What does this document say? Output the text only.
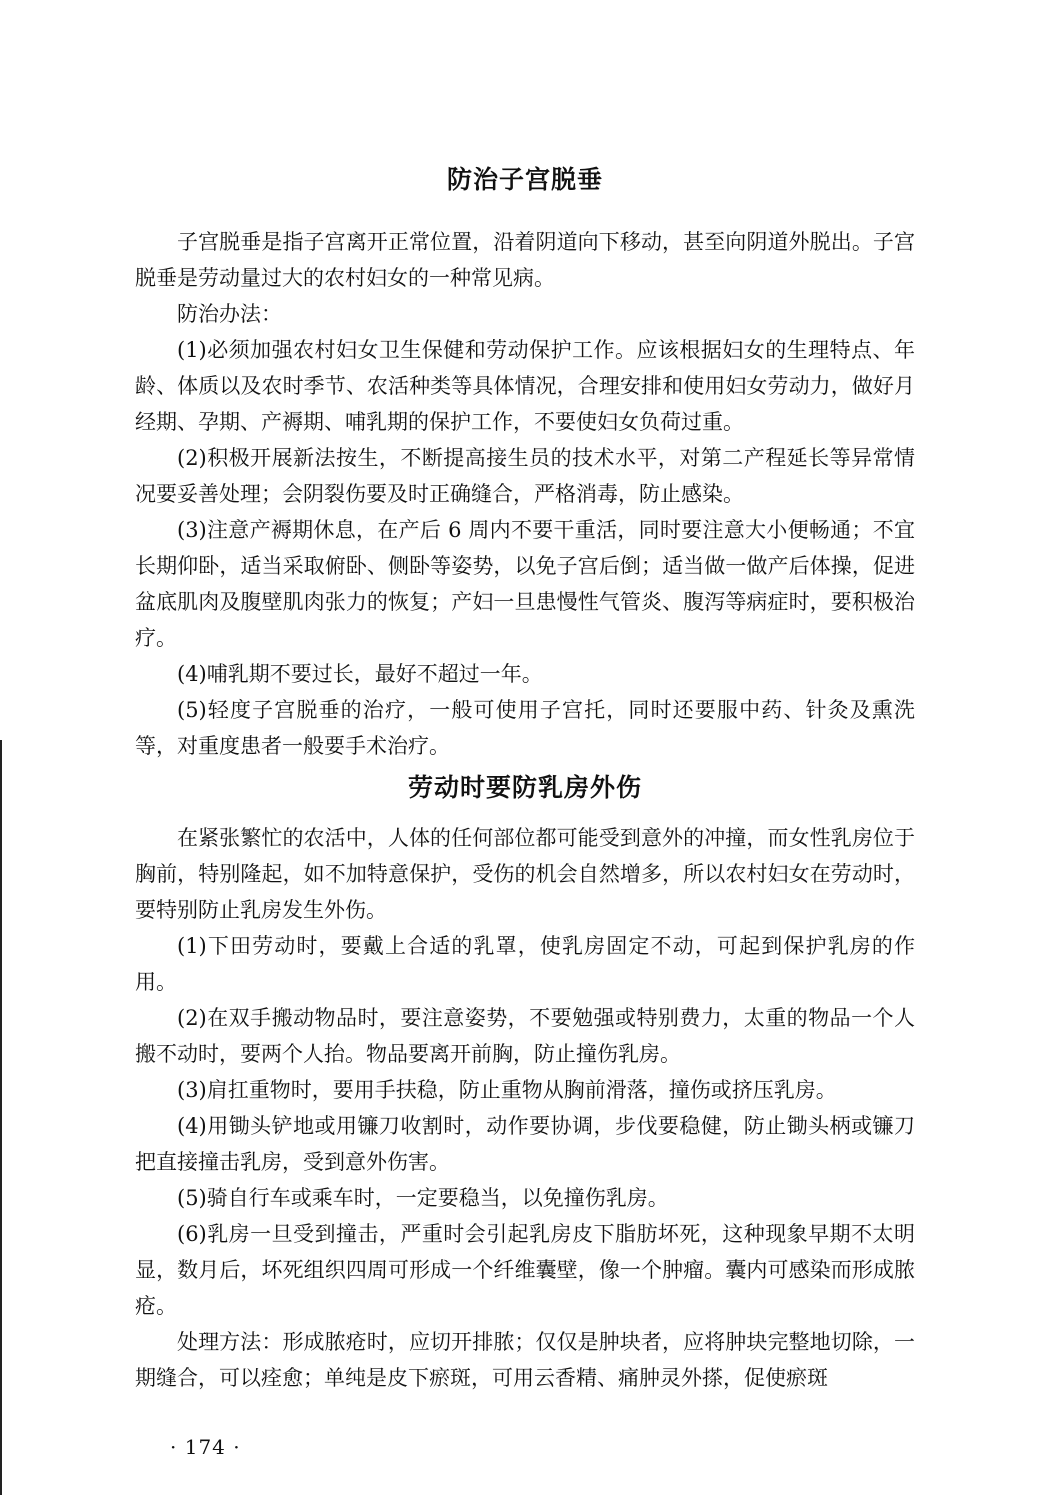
防治子宫脱垂

子宫脱垂是指子宫离开正常位置，沿着阴道向下移动，甚至向阴道外脱出。子宫脱垂是劳动量过大的农村妇女的一种常见病。

防治办法：

(1)必须加强农村妇女卫生保健和劳动保护工作。应该根据妇女的生理特点、年龄、体质以及农时季节、农活种类等具体情况，合理安排和使用妇女劳动力，做好月经期、孕期、产褥期、哺乳期的保护工作，不要使妇女负荷过重。

(2)积极开展新法按生，不断提高接生员的技术水平，对第二产程延长等异常情况要妥善处理；会阴裂伤要及时正确缝合，严格消毒，防止感染。

(3)注意产褥期休息，在产后 6 周内不要干重活，同时要注意大小便畅通；不宜长期仰卧，适当采取俯卧、侧卧等姿势，以免子宫后倒；适当做一做产后体操，促进盆底肌肉及腹壁肌肉张力的恢复；产妇一旦患慢性气管炎、腹泻等病症时，要积极治疗。

(4)哺乳期不要过长，最好不超过一年。

(5)轻度子宫脱垂的治疗，一般可使用子宫托，同时还要服中药、针灸及熏洗等，对重度患者一般要手术治疗。

劳动时要防乳房外伤

在紧张繁忙的农活中，人体的任何部位都可能受到意外的冲撞，而女性乳房位于胸前，特别隆起，如不加特意保护，受伤的机会自然增多，所以农村妇女在劳动时，要特别防止乳房发生外伤。

(1)下田劳动时，要戴上合适的乳罩，使乳房固定不动，可起到保护乳房的作用。

(2)在双手搬动物品时，要注意姿势，不要勉强或特别费力，太重的物品一个人搬不动时，要两个人抬。物品要离开前胸，防止撞伤乳房。

(3)肩扛重物时，要用手扶稳，防止重物从胸前滑落，撞伤或挤压乳房。

(4)用锄头铲地或用镰刀收割时，动作要协调，步伐要稳健，防止锄头柄或镰刀把直接撞击乳房，受到意外伤害。

(5)骑自行车或乘车时，一定要稳当，以免撞伤乳房。

(6)乳房一旦受到撞击，严重时会引起乳房皮下脂肪坏死，这种现象早期不太明显，数月后，坏死组织四周可形成一个纤维囊壁，像一个肿瘤。囊内可感染而形成脓疮。

处理方法：形成脓疮时，应切开排脓；仅仅是肿块者，应将肿块完整地切除，一期缝合，可以痊愈；单纯是皮下瘀斑，可用云香精、痛肿灵外搽，促使瘀斑

· 174 ·
